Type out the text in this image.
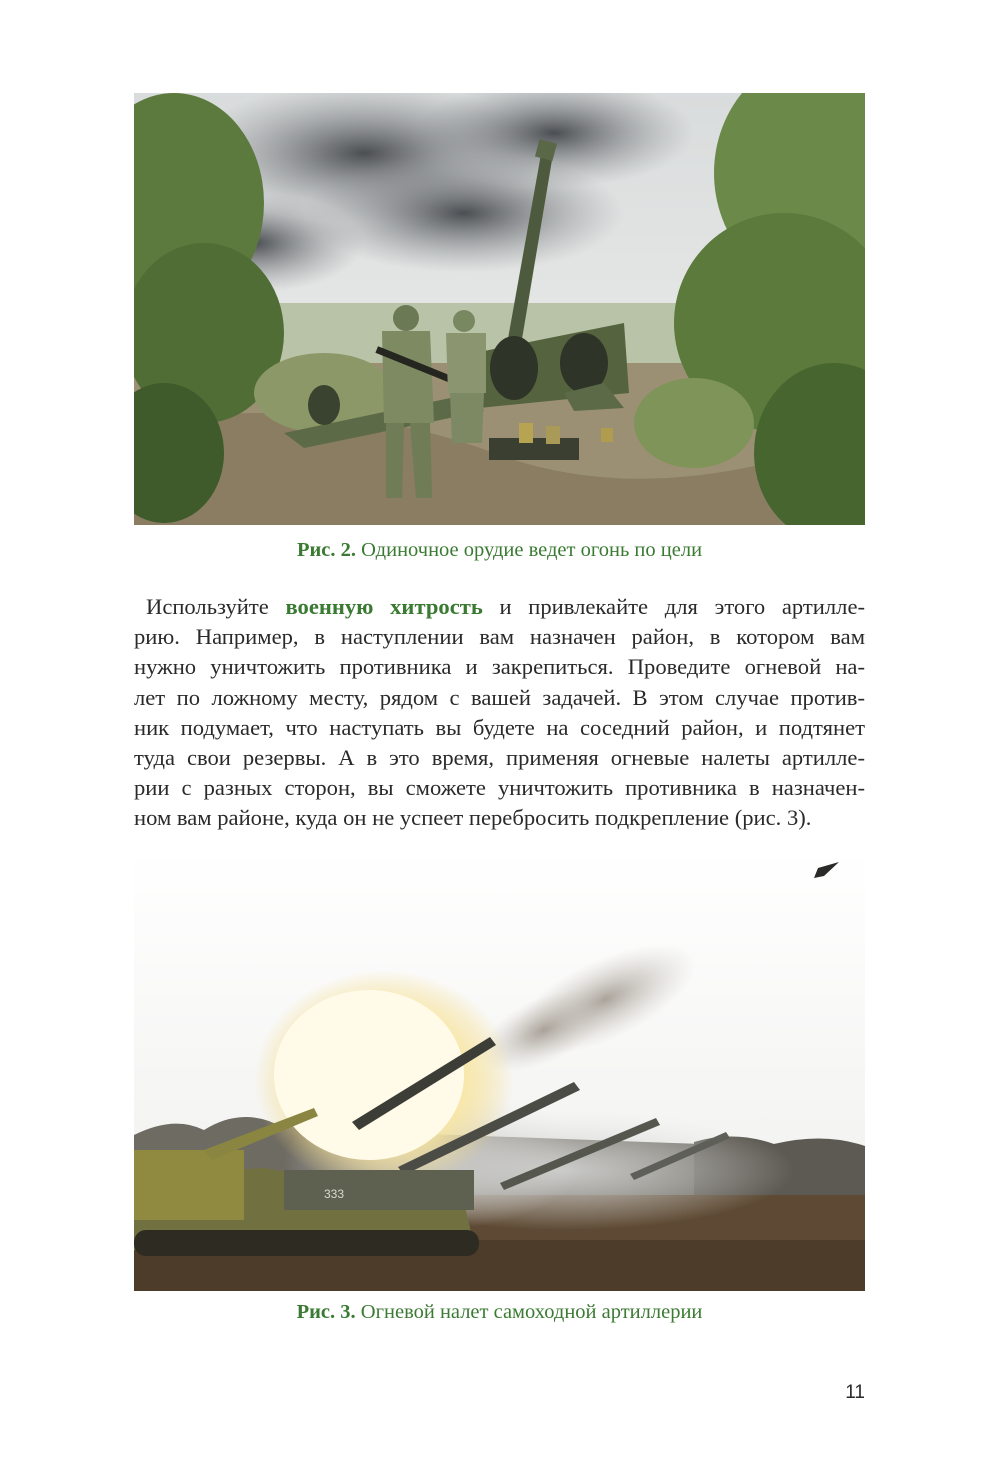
Рис. 2. Одиночное орудие ведет огонь по цели
Используйте военную хитрость и привлекайте для этого артилле-
рию. Например, в наступлении вам назначен район, в котором вам
нужно уничтожить противника и закрепиться. Проведите огневой на-
лет по ложному месту, рядом с вашей задачей. В этом случае против-
ник подумает, что наступать вы будете на соседний район, и подтянет
туда свои резервы. А в это время, применяя огневые налеты артилле-
рии с разных сторон, вы сможете уничтожить противника в назначен-
ном вам районе, куда он не успеет перебросить подкрепление (рис. 3).
333
Рис. 3. Огневой налет самоходной артиллерии
11
